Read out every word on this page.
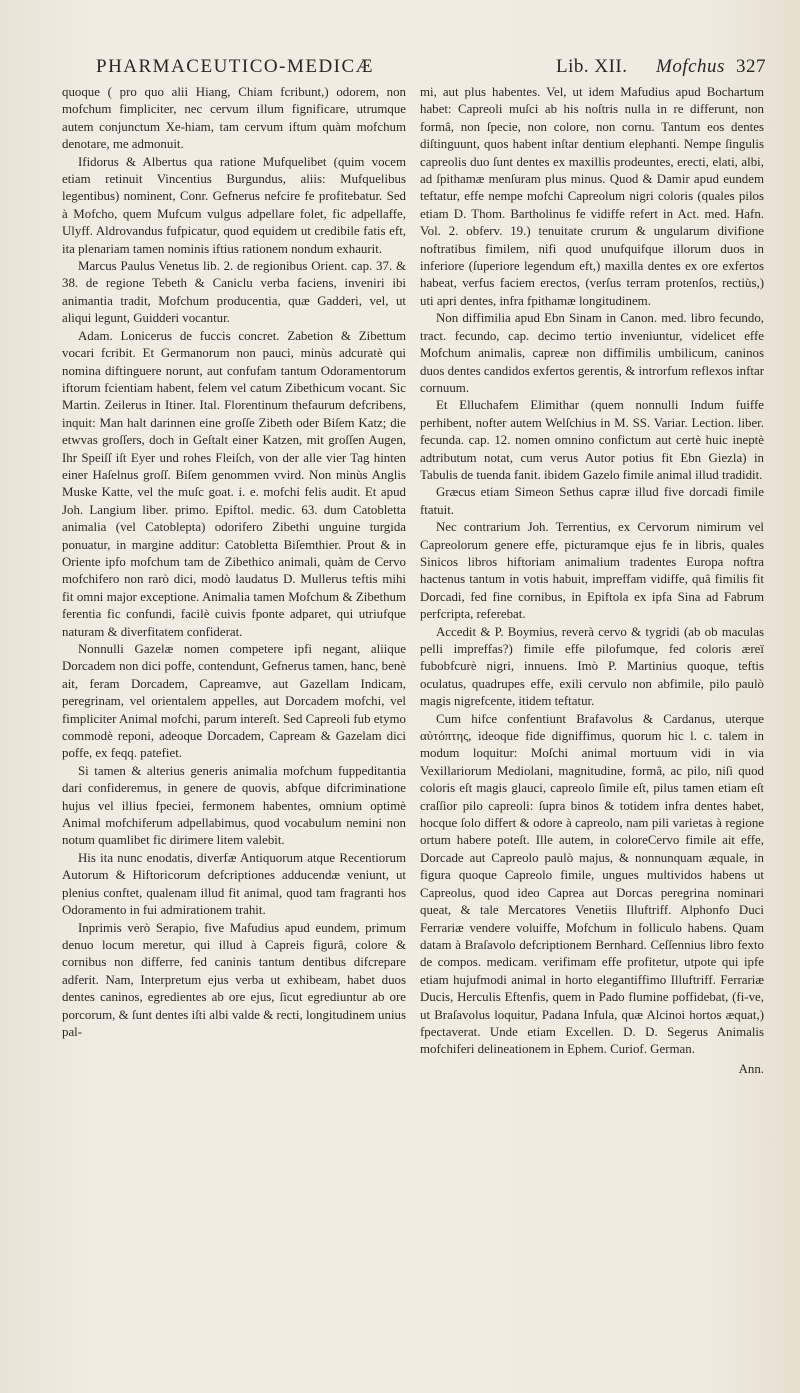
PHARMACEUTICO-MEDICÆ	Lib. XII. Mofchus 327

quoque ( pro quo alii Hiang, Chiam fcribunt,) odorem, non mofchum fimpliciter, nec cervum illum fignificare, utrumque autem conjunctum Xe-hiam, tam cervum iftum quàm mofchum denotare, me admonuit.

Ifidorus & Albertus qua ratione Mufquelibet (quim vocem etiam retinuit Vincentius Burgundus, aliis: Mufquelibus legentibus) nominent, Conr. Gefnerus nefcire fe profitebatur. Sed à Mofcho, quem Mufcum vulgus adpellare folet, fic adpellaffe, Ulyff. Aldrovandus fufpicatur, quod equidem ut credibile fatis eft, ita plenariam tamen nominis iftius rationem nondum exhaurit.

Marcus Paulus Venetus lib. 2. de regionibus Orient. cap. 37. & 38. de regione Tebeth & Caniclu verba faciens, inveniri ibi animantia tradit, Mofchum producentia, quæ Gadderi, vel, ut aliqui legunt, Guidderi vocantur.

Adam. Lonicerus de fuccis concret. Zabetion & Zibettum vocari fcribit. Et Germanorum non pauci, minùs adcuratè qui nomina diftinguere norunt, aut confufam tantum Odoramentorum iftorum fcientiam habent, felem vel catum Zibethicum vocant. Sic Martin. Zeilerus in Itiner. Ital. Florentinum thefaurum defcribens, inquit: Man halt darinnen eine groſſe Zibeth oder Biſem Katz; die etwvas groſſers, doch in Geſtalt einer Katzen, mit groſſen Augen, Ihr Speiſſ iſt Eyer und rohes Fleiſch, von der alle vier Tag hinten einer Haſelnus groſſ. Biſem genommen vvird. Non minùs Anglis Muske Katte, vel the muſc goat. i. e. mofchi felis audit. Et apud Joh. Langium liber. primo. Epiftol. medic. 63. dum Catobletta animalia (vel Catoblepta) odorifero Zibethi unguine turgida ponuatur, in margine additur: Catobletta Biſemthier. Prout & in Oriente ipfo mofchum tam de Zibethico animali, quàm de Cervo mofchifero non rarò dici, modò laudatus D. Mullerus teftis mihi fit omni major exceptione. Animalia tamen Mofchum & Zibethum ferentia fic confundi, facilè cuivis fponte adparet, qui utriufque naturam & diverfitatem confiderat.

Nonnulli Gazelæ nomen competere ipfi negant, aliique Dorcadem non dici poffe, contendunt, Gefnerus tamen, hanc, benè ait, feram Dorcadem, Capreamve, aut Gazellam Indicam, peregrinam, vel orientalem appelles, aut Dorcadem mofchi, vel fimpliciter Animal mofchi, parum intereſt. Sed Capreoli fub etymo commodè reponi, adeoque Dorcadem, Capream & Gazelam dici poffe, ex feqq. patefiet.

Si tamen & alterius generis animalia mofchum fuppeditantia dari confideremus, in genere de quovis, abfque difcriminatione hujus vel illius fpeciei, fermonem habentes, omnium optimè Animal mofchiferum adpellabimus, quod vocabulum nemini non notum quamlibet fic dirimere litem valebit.

His ita nunc enodatis, diverfæ Antiquorum atque Recentiorum Autorum & Hiftoricorum defcriptiones adducendæ veniunt, ut plenius conftet, qualenam illud fit animal, quod tam fragranti hos Odoramento in fui admirationem trahit.

Inprimis verò Serapio, five Mafudius apud eundem, primum denuo locum meretur, qui illud à Capreis figurâ, colore & cornibus non differre, fed caninis tantum dentibus difcrepare adferit. Nam, Interpretum ejus verba ut exhibeam, habet duos dentes caninos, egredientes ab ore ejus, ſicut egrediuntur ab ore porcorum, & ſunt dentes iſti albi valde & recti, longitudinem unius pal-

mi, aut plus habentes. Vel, ut idem Mafudius apud Bochartum habet: Capreoli muſci ab his noſtris nulla in re differunt, non formâ, non ſpecie, non colore, non cornu. Tantum eos dentes diſtinguunt, quos habent inſtar dentium elephanti. Nempe ſingulis capreolis duo ſunt dentes ex maxillis prodeuntes, erecti, elati, albi, ad ſpithamæ menſuram plus minus. Quod & Damir apud eundem teftatur, effe nempe mofchi Capreolum nigri coloris (quales pilos etiam D. Thom. Bartholinus fe vidiffe refert in Act. med. Hafn. Vol. 2. obferv. 19.) tenuitate crurum & ungularum divifione noftratibus fimilem, nifi quod unufquifque illorum duos in inferiore (ſuperiore legendum eft,) maxilla dentes ex ore exfertos habeat, verfus faciem erectos, (verſus terram protenſos, rectiùs,) uti apri dentes, infra fpithamæ longitudinem.

Non diffimilia apud Ebn Sinam in Canon. med. libro fecundo, tract. fecundo, cap. decimo tertio inveniuntur, videlicet effe Mofchum animalis, capreæ non diffimilis umbilicum, caninos duos dentes candidos exfertos gerentis, & introrfum reflexos inftar cornuum.

Et Elluchafem Elimithar (quem nonnulli Indum fuiffe perhibent, nofter autem Welſchius in M. SS. Variar. Lection. liber. fecunda. cap. 12. nomen omnino confictum aut certè huic ineptè adtributum notat, cum verus Autor potius fit Ebn Giezla) in Tabulis de tuenda fanit. ibidem Gazelo fimile animal illud tradidit.

Græcus etiam Simeon Sethus capræ illud five dorcadi fimile ftatuit.

Nec contrarium Joh. Terrentius, ex Cervorum nimirum vel Capreolorum genere effe, picturamque ejus fe in libris, quales Sinicos libros hiftoriam animalium tradentes Europa noftra hactenus tantum in votis habuit, impreffam vidiffe, quâ fimilis fit Dorcadi, fed fine cornibus, in Epiftola ex ipfa Sina ad Fabrum perfcripta, referebat.

Accedit & P. Boymius, reverà cervo & tygridi (ab ob maculas pelli impreffas?) fimile effe pilofumque, fed coloris æreï fubobfcurè nigri, innuens. Imò P. Martinius quoque, teftis oculatus, quadrupes effe, exili cervulo non abfimile, pilo paulò magis nigrefcente, itidem teftatur.

Cum hifce confentiunt Brafavolus & Cardanus, uterque αὐτόπτης, ideoque fide digniffimus, quorum hic l. c. talem in modum loquitur: Moſchi animal mortuum vidi in via Vexillariorum Mediolani, magnitudine, formâ, ac pilo, niſi quod coloris eſt magis glauci, capreolo ſimile eſt, pilus tamen etiam eſt craſſior pilo capreoli: ſupra binos & totidem infra dentes habet, hocque ſolo differt & odore à capreolo, nam pili varietas à regione ortum habere poteſt. Ille autem, in coloreCervo fimile ait effe, Dorcade aut Capreolo paulò majus, & nonnunquam æquale, in figura quoque Capreolo fimile, ungues multividos habens ut Capreolus, quod ideo Caprea aut Dorcas peregrina nominari queat, & tale Mercatores Venetiis Illuftriff. Alphonfo Duci Ferrariæ vendere voluiffe, Mofchum in folliculo habens. Quam datam à Braſavolo defcriptionem Bernhard. Ceſſennius libro fexto de compos. medicam. verifimam effe profitetur, utpote qui ipfe etiam hujufmodi animal in horto elegantiffimo Illuftriff. Ferrariæ Ducis, Herculis Eftenfis, quem in Pado flumine poffidebat, (fi-ve, ut Braſavolus loquitur, Padana Infula, quæ Alcinoi hortos æquat,) fpectaverat. Unde etiam Excellen. D. D. Segerus Animalis mofchiferi delineationem in Ephem. Curiof. German.

Ann.
